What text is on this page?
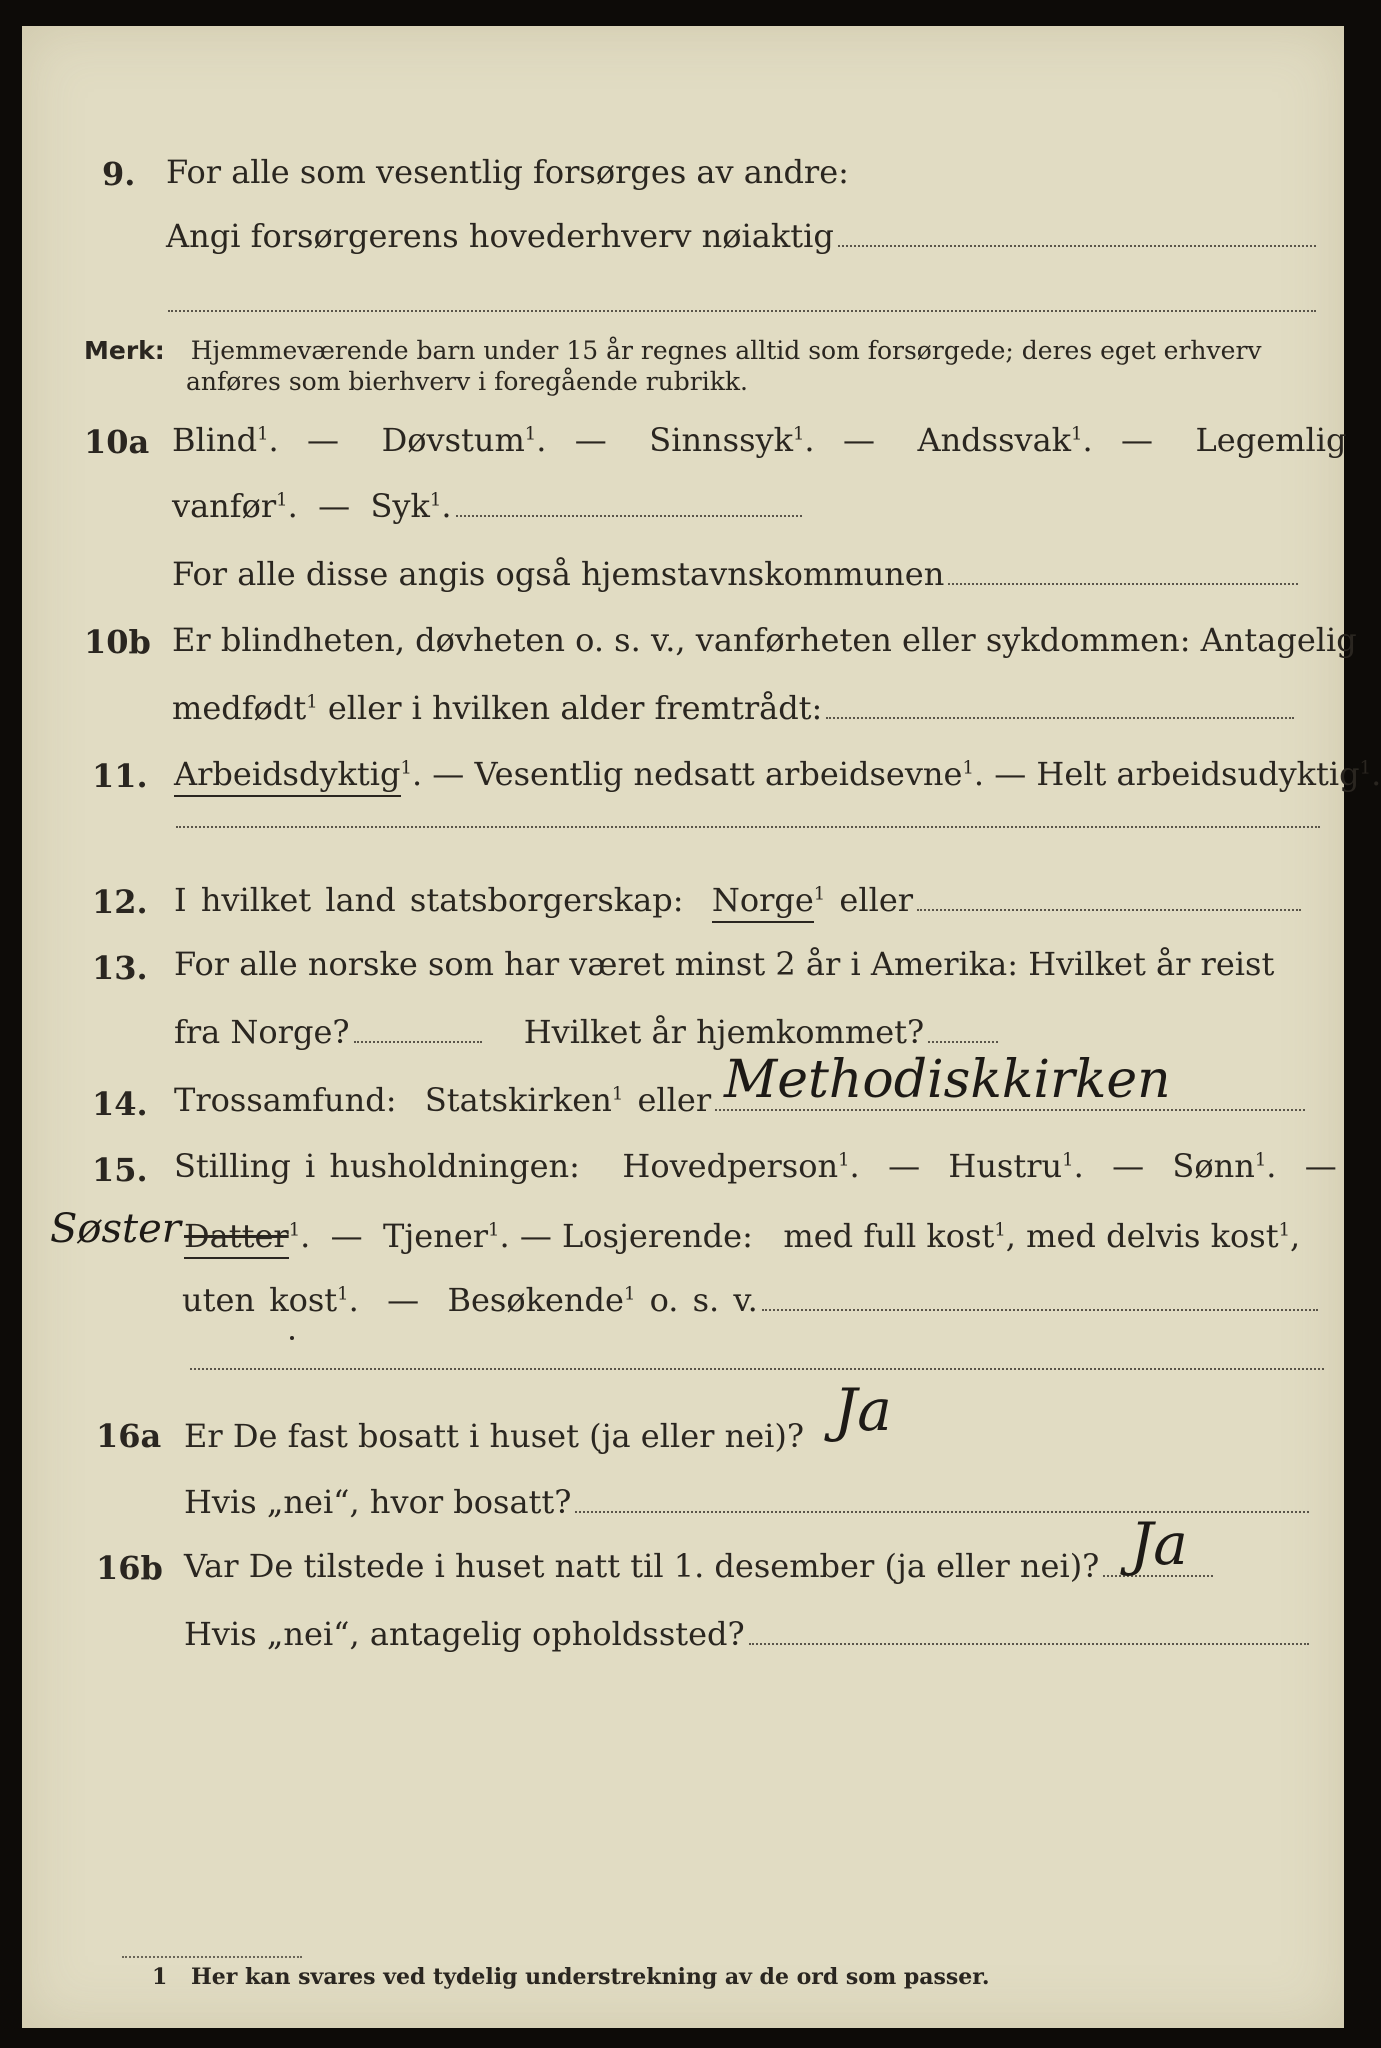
9. For alle som vesentlig forsørges av andre:
Angi forsørgerens hovederhverv nøiaktig
Merk: Hjemmeværende barn under 15 år regnes alltid som forsørgede; deres eget erhverv
anføres som bierhverv i foregående rubrikk.
10a Blind$^1$.  —   Døvstum$^1$.  —   Sinnssyk$^1$.  —   Andssvak$^1$.  —   Legemlig
vanfør$^1$.  —  Syk$^1$.
For alle disse angis også hjemstavnskommunen
10b Er blindheten, døvheten o. s. v., vanførheten eller sykdommen: Antagelig
medfødt$^1$ eller i hvilken alder fremtrådt:
11. Arbeidsdyktig$^1$. — Vesentlig nedsatt arbeidsevne$^1$. — Helt arbeidsudyktig$^1$.
12. I hvilket land statsborgerskap: Norge$^1$ eller
13. For alle norske som har været minst 2 år i Amerika: Hvilket år reist
fra Norge?	Hvilket år hjemkommet?
14. Trossamfund: Statskirken$^1$ eller Methodiskkirken
15. Stilling i husholdningen: Hovedperson$^1$.  —  Hustru$^1$.  —  Sønn$^1$.  —
Søster Datter$^1$.  —  Tjener$^1$. — Losjerende: med full kost$^1$, med delvis kost$^1$,
uten kost$^1$.  —  Besøkende$^1$ o. s. v.
16a Er De fast bosatt i huset (ja eller nei)? Ja
Hvis „nei“, hvor bosatt?
16b Var De tilstede i huset natt til 1. desember (ja eller nei)? Ja
Hvis „nei“, antagelig opholdssted?
1 Her kan svares ved tydelig understrekning av de ord som passer.
